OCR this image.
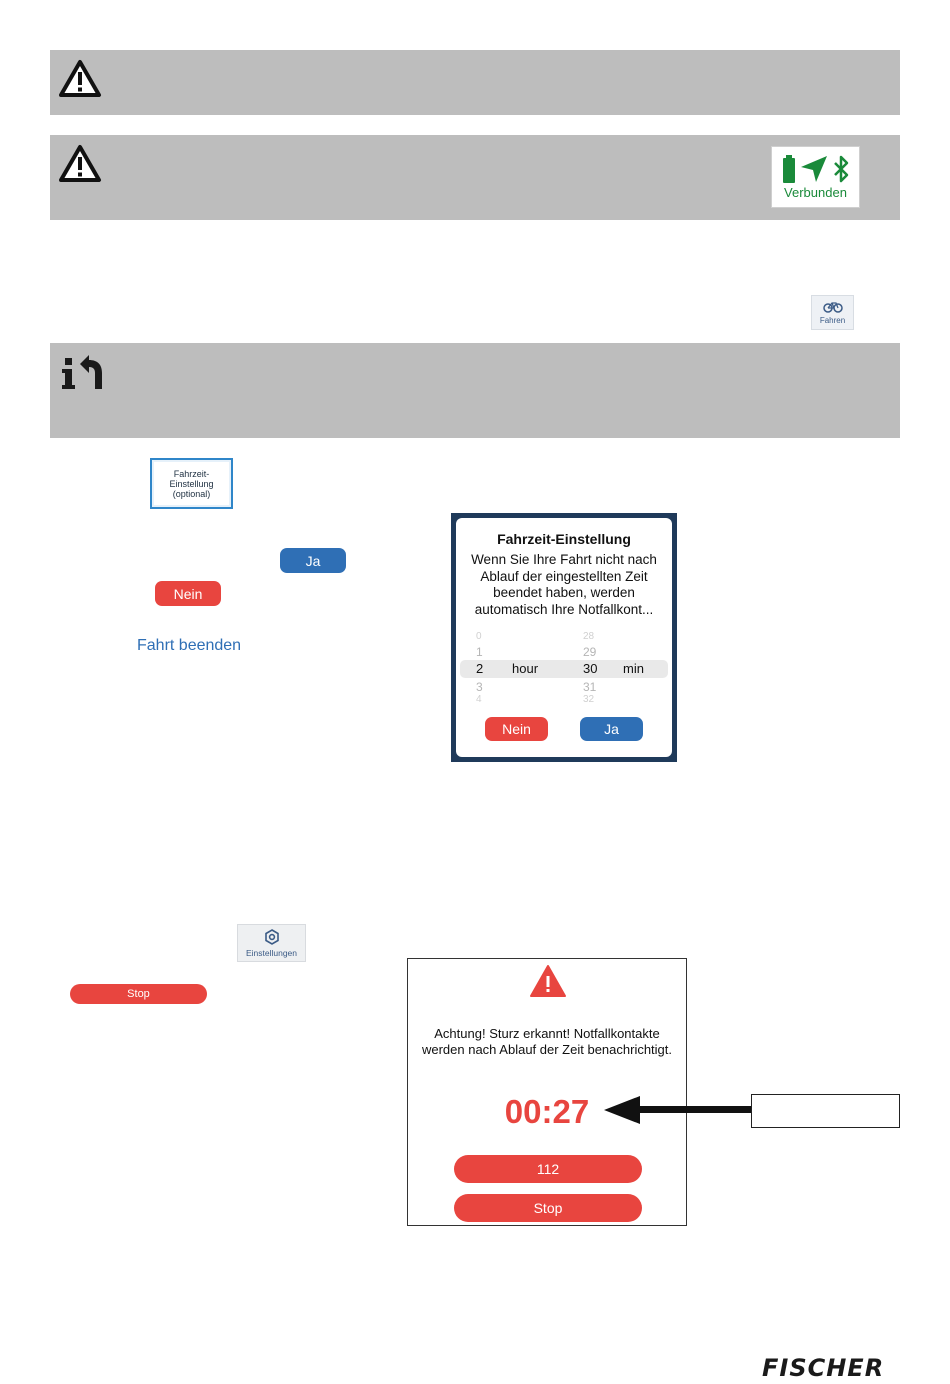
Verbunden
Fahren
Fahrzeit-
Einstellung
(optional)
Ja
Nein
Fahrt beenden
Fahrzeit-Einstellung
Wenn Sie Ihre Fahrt nicht nach Ablauf der eingestellten Zeit beendet haben, werden automatisch Ihre Notfallkont...
0	28
1	29
2 hour	30 min
3	31
4	32
Nein	Ja
Einstellungen
Stop
Achtung! Sturz erkannt! Notfallkontakte werden nach Ablauf der Zeit benachrichtigt.
00:27
112
Stop
FISCHER
